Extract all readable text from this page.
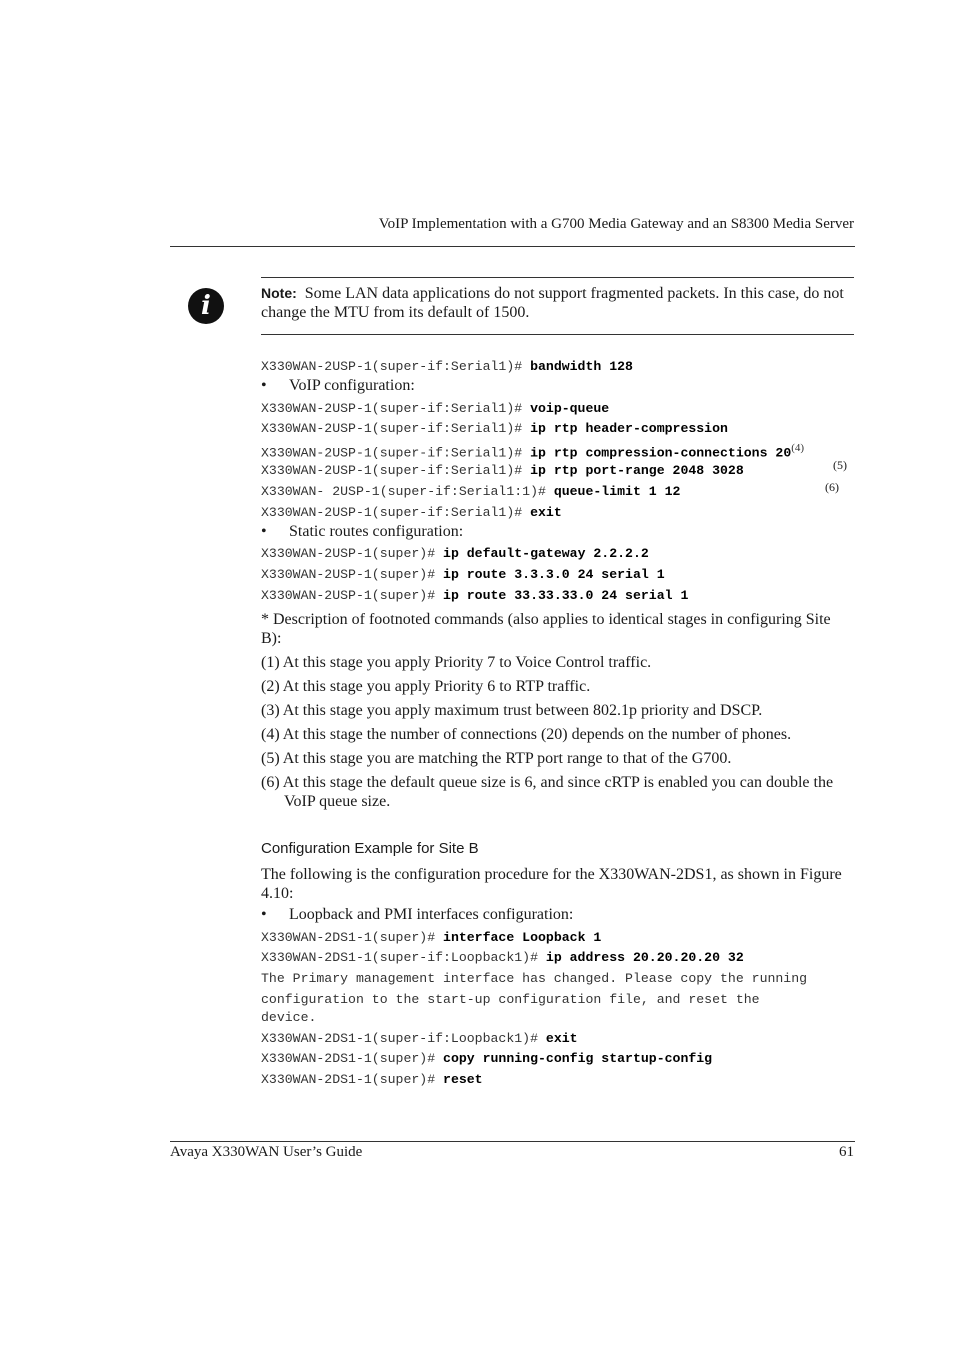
VoIP Implementation with a G700 Media Gateway and an S8300 Media Server
i	Note: Some LAN data applications do not support fragmented packets. In this case, do not change the MTU from its default of 1500.
X330WAN-2USP-1(super-if:Serial1)# bandwidth 128
• VoIP configuration:
X330WAN-2USP-1(super-if:Serial1)# voip-queue
X330WAN-2USP-1(super-if:Serial1)# ip rtp header-compression
X330WAN-2USP-1(super-if:Serial1)# ip rtp compression-connections 20$^{(4)}$
X330WAN-2USP-1(super-if:Serial1)# ip rtp port-range 2048 3028	(5)
X330WAN- 2USP-1(super-if:Serial1:1)# queue-limit 1 12	(6)
X330WAN-2USP-1(super-if:Serial1)# exit
• Static routes configuration:
X330WAN-2USP-1(super)# ip default-gateway 2.2.2.2
X330WAN-2USP-1(super)# ip route 3.3.3.0 24 serial 1
X330WAN-2USP-1(super)# ip route 33.33.33.0 24 serial 1
* Description of footnoted commands (also applies to identical stages in configuring Site B):
(1) At this stage you apply Priority 7 to Voice Control traffic.
(2) At this stage you apply Priority 6 to RTP traffic.
(3) At this stage you apply maximum trust between 802.1p priority and DSCP.
(4) At this stage the number of connections (20) depends on the number of phones.
(5) At this stage you are matching the RTP port range to that of the G700.
(6) At this stage the default queue size is 6, and since cRTP is enabled you can double the VoIP queue size.
Configuration Example for Site B
The following is the configuration procedure for the X330WAN-2DS1, as shown in Figure 4.10:
• Loopback and PMI interfaces configuration:
X330WAN-2DS1-1(super)# interface Loopback 1
X330WAN-2DS1-1(super-if:Loopback1)# ip address 20.20.20.20 32
The Primary management interface has changed. Please copy the running
configuration to the start-up configuration file, and reset the
device.
X330WAN-2DS1-1(super-if:Loopback1)# exit
X330WAN-2DS1-1(super)# copy running-config startup-config
X330WAN-2DS1-1(super)# reset
Avaya X330WAN User’s Guide	61
